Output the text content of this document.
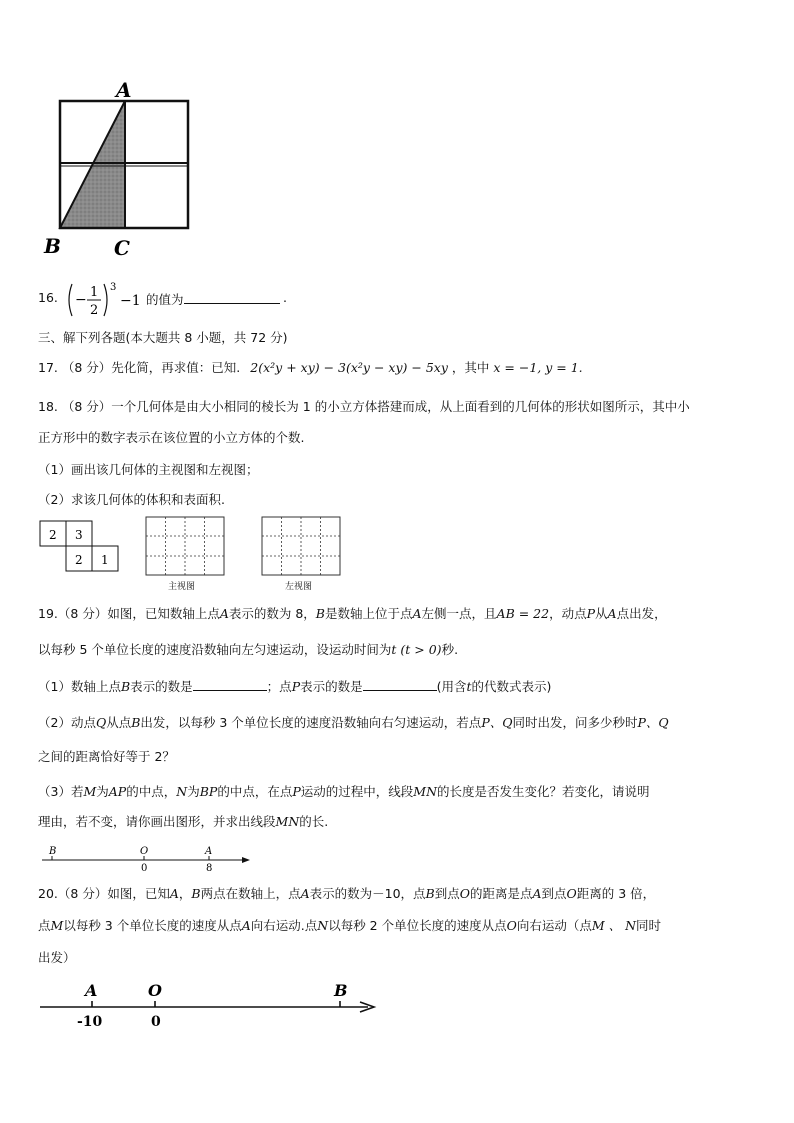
A
B	C
16. − 1
2
3
−1 的值为	.
三、解下列各题(本大题共 8 小题，共 72 分)
17. （8 分）先化简，再求值：已知. 2(x²y + xy) − 3(x²y − xy) − 5xy ，其中 x = −1, y = 1.
18. （8 分）一个几何体是由大小相同的棱长为 1 的小立方体搭建而成，从上面看到的几何体的形状如图所示，其中小
正方形中的数字表示在该位置的小立方体的个数.
（1）画出该几何体的主视图和左视图；
（2）求该几何体的体积和表面积.
2 3
2 1
主视图	左视图
19.（8 分）如图，已知数轴上点A表示的数为 8，B是数轴上位于点A左侧一点，且AB = 22，动点P从A点出发，
以每秒 5 个单位长度的速度沿数轴向左匀速运动，设运动时间为t (t > 0)秒.
（1）数轴上点B表示的数是	；点P表示的数是	(用含t的代数式表示)
（2）动点Q从点B出发，以每秒 3 个单位长度的速度沿数轴向右匀速运动，若点P、Q同时出发，问多少秒时P、Q
之间的距离恰好等于 2？
（3）若M为AP的中点，N为BP的中点，在点P运动的过程中，线段MN的长度是否发生变化？若变化，请说明
理由，若不变，请你画出图形，并求出线段MN的长.
B	O	A
0	8
20.（8 分）如图，已知A，B两点在数轴上，点A表示的数为－10，点B到点O的距离是点A到点O距离的 3 倍，
点M以每秒 3 个单位长度的速度从点A向右运动.点N以每秒 2 个单位长度的速度从点O向右运动（点M 、 N同时
出发）
A	O	B
-10	0
